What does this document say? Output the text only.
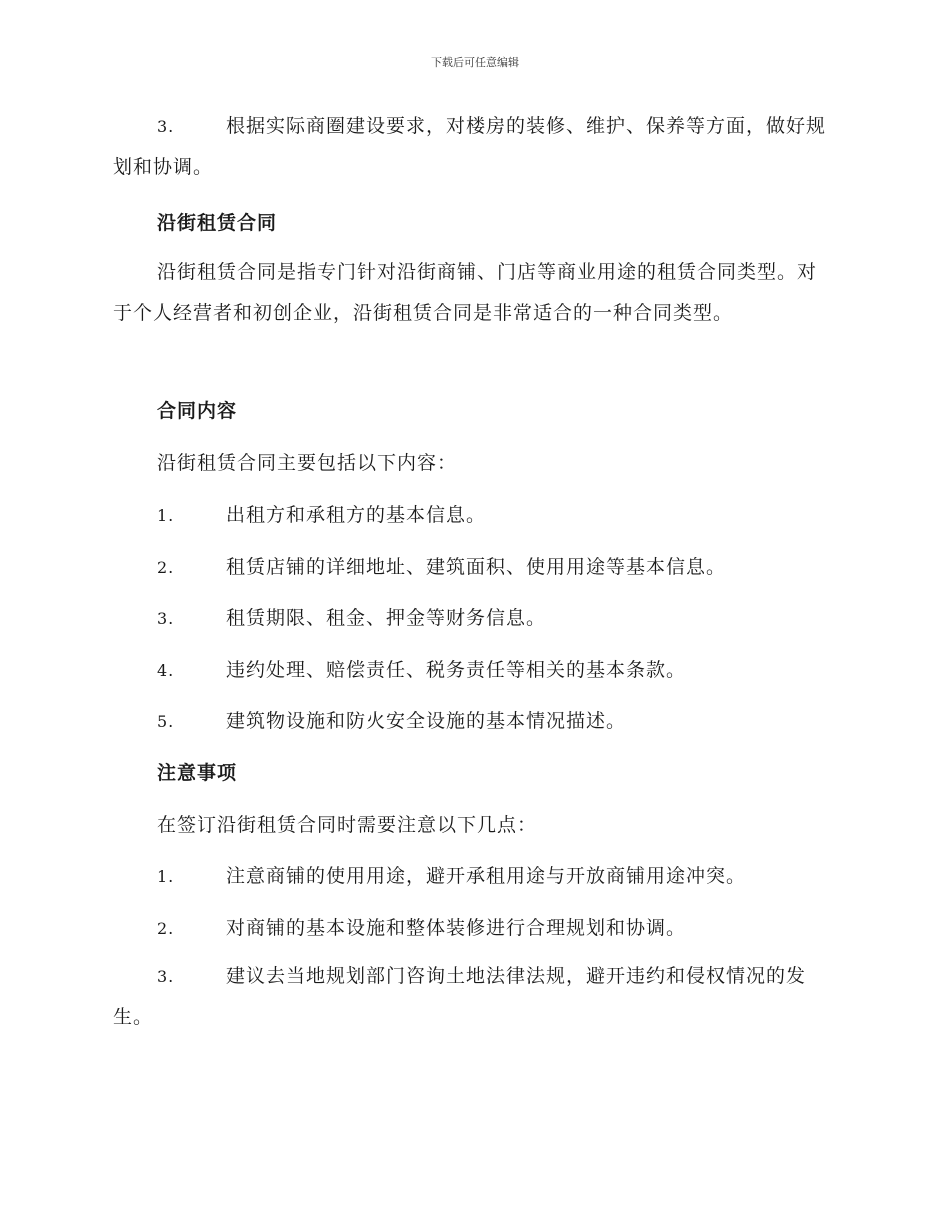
下载后可任意编辑
3.	根据实际商圈建设要求，对楼房的装修、维护、保养等方面，做好规划和协调。
沿街租赁合同
沿街租赁合同是指专门针对沿街商铺、门店等商业用途的租赁合同类型。对于个人经营者和初创企业，沿街租赁合同是非常适合的一种合同类型。
合同内容
沿街租赁合同主要包括以下内容：
1.	出租方和承租方的基本信息。
2.	租赁店铺的详细地址、建筑面积、使用用途等基本信息。
3.	租赁期限、租金、押金等财务信息。
4.	违约处理、赔偿责任、税务责任等相关的基本条款。
5.	建筑物设施和防火安全设施的基本情况描述。
注意事项
在签订沿街租赁合同时需要注意以下几点：
1.	注意商铺的使用用途，避开承租用途与开放商铺用途冲突。
2.	对商铺的基本设施和整体装修进行合理规划和协调。
3.	建议去当地规划部门咨询土地法律法规，避开违约和侵权情况的发生。
